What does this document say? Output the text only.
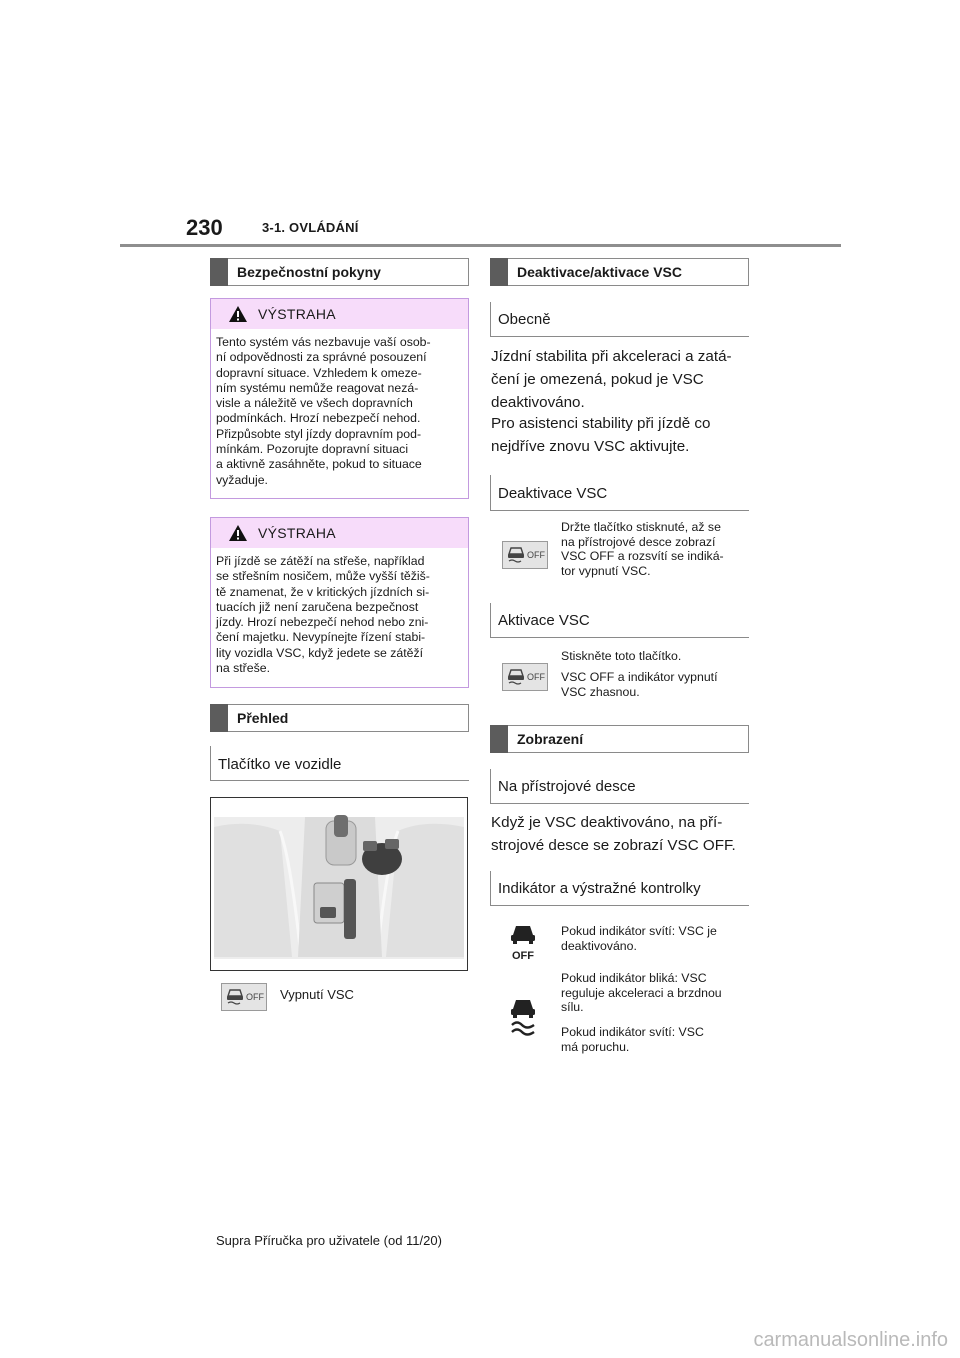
230	3-1. OVLÁDÁNÍ
Bezpečnostní pokyny
VÝSTRAHA
Tento systém vás nezbavuje vaší osob-
ní odpovědnosti za správné posouzení
dopravní situace. Vzhledem k omeze-
ním systému nemůže reagovat nezá-
visle a náležitě ve všech dopravních
podmínkách. Hrozí nebezpečí nehod.
Přizpůsobte styl jízdy dopravním pod-
mínkám. Pozorujte dopravní situaci
a aktivně zasáhněte, pokud to situace
vyžaduje.
VÝSTRAHA
Při jízdě se zátěží na střeše, například
se střešním nosičem, může vyšší těžiš-
tě znamenat, že v kritických jízdních si-
tuacích již není zaručena bezpečnost
jízdy. Hrozí nebezpečí nehod nebo zni-
čení majetku. Nevypínejte řízení stabi-
lity vozidla VSC, když jedete se zátěží
na střeše.
Přehled
Tlačítko ve vozidle
OFF Vypnutí VSC
Deaktivace/aktivace VSC
Obecně
Jízdní stabilita při akceleraci a zatá-
čení je omezená, pokud je VSC
deaktivováno.
Pro asistenci stability při jízdě co
nejdříve znovu VSC aktivujte.
Deaktivace VSC
OFF
Držte tlačítko stisknuté, až se
na přístrojové desce zobrazí
VSC OFF a rozsvítí se indiká-
tor vypnutí VSC.
Aktivace VSC
OFF
Stiskněte toto tlačítko.
VSC OFF a indikátor vypnutí
VSC zhasnou.
Zobrazení
Na přístrojové desce
Když je VSC deaktivováno, na pří-
strojové desce se zobrazí VSC OFF.
Indikátor a výstražné kontrolky
OFF
Pokud indikátor svítí: VSC je
deaktivováno.
Pokud indikátor bliká: VSC
reguluje akceleraci a brzdnou
sílu.
Pokud indikátor svítí: VSC
má poruchu.
Supra Příručka pro uživatele (od 11/20)
carmanualsonline.info
